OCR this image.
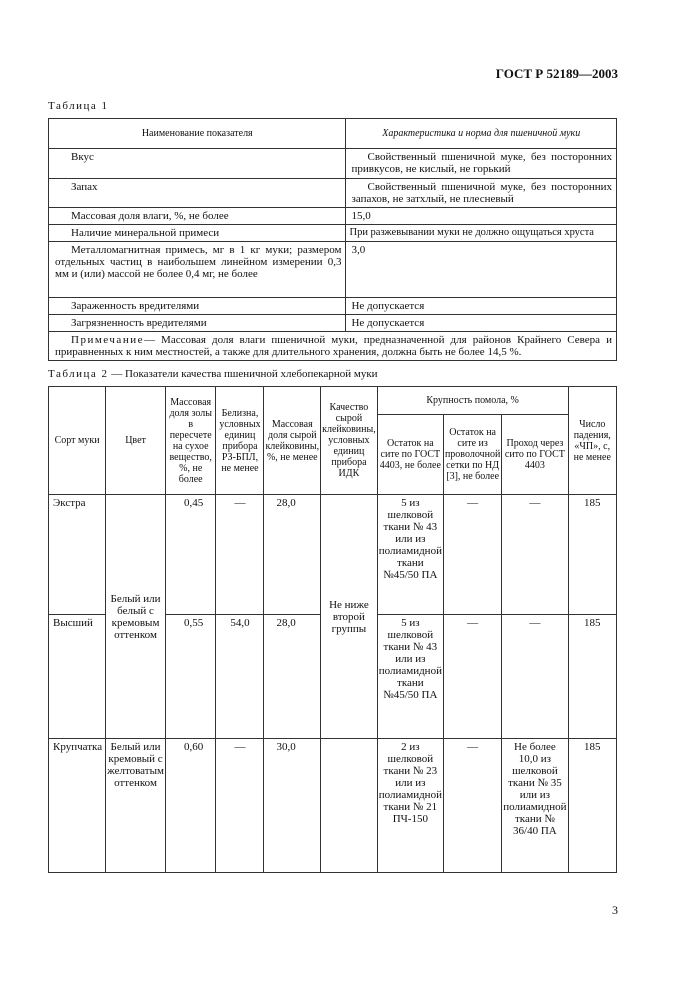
ГОСТ Р 52189—2003
Таблица 1
Наименование показателя	Характеристика и норма для пшеничной муки
Вкус	Свойственный пшеничной муке, без посторонних привкусов, не кислый, не горький
Запах	Свойственный пшеничной муке, без посторонних запахов, не затхлый, не плесневый
Массовая доля влаги, %, не более	15,0
Наличие минеральной примеси	При разжевывании муки не должно ощущаться хруста
Металломагнитная примесь, мг в 1 кг муки; размером отдельных частиц в наибольшем линейном измерении 0,3 мм и (или) массой не более 0,4 мг, не более	3,0
Зараженность вредителями	Не допускается
Загрязненность вредителями	Не допускается
Примечание— Массовая доля влаги пшеничной муки, предназначенной для районов Крайнего Севера и приравненных к ним местностей, а также для длительного хранения, должна быть не более 14,5 %.	
Таблица 2 — Показатели качества пшеничной хлебопекарной муки
Сорт муки	Цвет	Массовая доля золы в пересчете на сухое вещество, %, не более	Белизна, условных единиц прибора РЗ-БПЛ, не менее	Массовая доля сырой клейковины, %, не менее	Качество сырой клейковины, условных единиц прибора ИДК	Крупность помола, %			Число падения, «ЧП», с, не менее
						Остаток на сите по ГОСТ 4403, не более	Остаток на сите из проволочной сетки по НД [3], не более	Проход через сито по ГОСТ 4403	
Экстра	Белый или белый с кремовым оттенком	0,45	—	28,0	Не ниже второй группы	5 из шелковой ткани № 43 или из полиамидной ткани №45/50 ПА	—	—	185
Высший		0,55	54,0	28,0		5 из шелковой ткани № 43 или из полиамидной ткани №45/50 ПА	—	—	185
Крупчатка	Белый или кремовый с желтоватым оттенком	0,60	—	30,0		2 из шелковой ткани № 23 или из полиамидной ткани № 21 ПЧ-150	—	Не более 10,0 из шелковой ткани № 35 или из полиамидной ткани № 36/40 ПА	185
3
